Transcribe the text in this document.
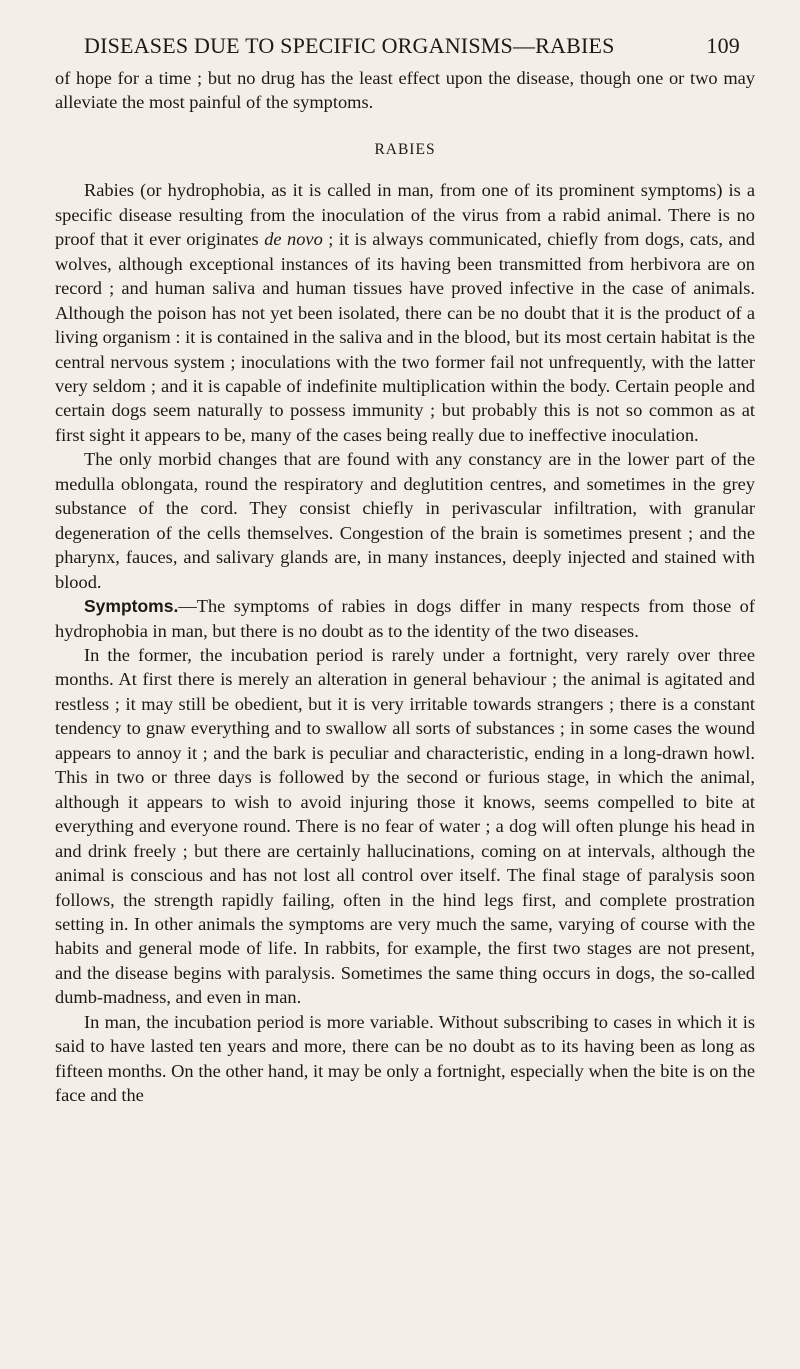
DISEASES DUE TO SPECIFIC ORGANISMS—RABIES	109

of hope for a time ; but no drug has the least effect upon the disease, though one or two may alleviate the most painful of the symptoms.

RABIES

Rabies (or hydrophobia, as it is called in man, from one of its prominent symptoms) is a specific disease resulting from the inoculation of the virus from a rabid animal. There is no proof that it ever originates de novo ; it is always communicated, chiefly from dogs, cats, and wolves, although exceptional instances of its having been transmitted from herbivora are on record ; and human saliva and human tissues have proved infective in the case of animals. Although the poison has not yet been isolated, there can be no doubt that it is the product of a living organism : it is contained in the saliva and in the blood, but its most certain habitat is the central nervous system ; inoculations with the two former fail not unfrequently, with the latter very seldom ; and it is capable of indefinite multiplication within the body. Certain people and certain dogs seem naturally to possess immunity ; but probably this is not so common as at first sight it appears to be, many of the cases being really due to ineffective inoculation.

The only morbid changes that are found with any constancy are in the lower part of the medulla oblongata, round the respiratory and deglutition centres, and sometimes in the grey substance of the cord. They consist chiefly in perivascular infiltration, with granular degeneration of the cells themselves. Congestion of the brain is sometimes present ; and the pharynx, fauces, and salivary glands are, in many instances, deeply injected and stained with blood.

Symptoms.—The symptoms of rabies in dogs differ in many respects from those of hydrophobia in man, but there is no doubt as to the identity of the two diseases.

In the former, the incubation period is rarely under a fortnight, very rarely over three months. At first there is merely an alteration in general behaviour ; the animal is agitated and restless ; it may still be obedient, but it is very irritable towards strangers ; there is a constant tendency to gnaw everything and to swallow all sorts of substances ; in some cases the wound appears to annoy it ; and the bark is peculiar and characteristic, ending in a long-drawn howl. This in two or three days is followed by the second or furious stage, in which the animal, although it appears to wish to avoid injuring those it knows, seems compelled to bite at everything and everyone round. There is no fear of water ; a dog will often plunge his head in and drink freely ; but there are certainly hallucinations, coming on at intervals, although the animal is conscious and has not lost all control over itself. The final stage of paralysis soon follows, the strength rapidly failing, often in the hind legs first, and complete prostration setting in. In other animals the symptoms are very much the same, varying of course with the habits and general mode of life. In rabbits, for example, the first two stages are not present, and the disease begins with paralysis. Sometimes the same thing occurs in dogs, the so-called dumb-madness, and even in man.

In man, the incubation period is more variable. Without subscribing to cases in which it is said to have lasted ten years and more, there can be no doubt as to its having been as long as fifteen months. On the other hand, it may be only a fortnight, especially when the bite is on the face and the
